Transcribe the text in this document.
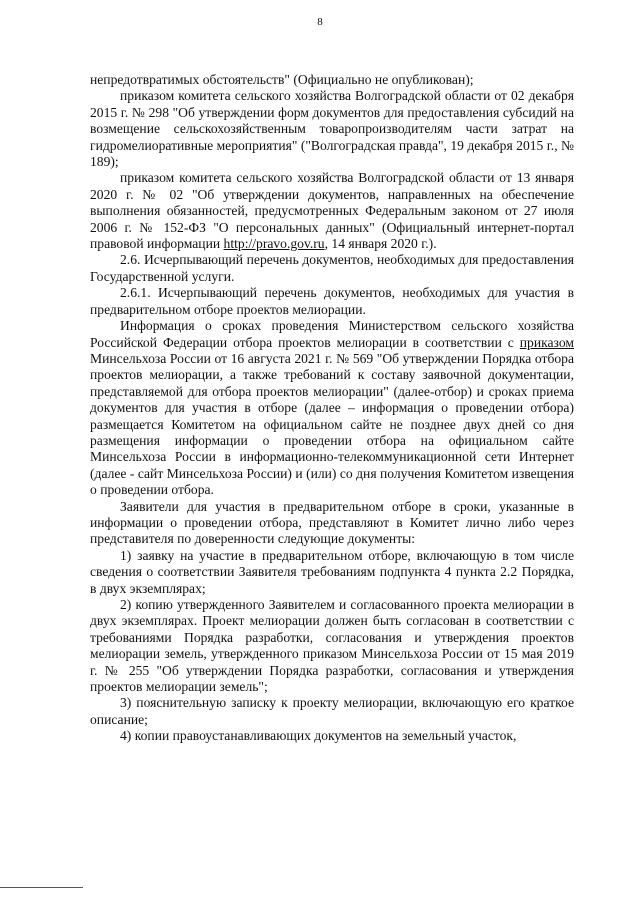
8

непредотвратимых обстоятельств" (Официально не опубликован);

приказом комитета сельского хозяйства Волгоградской области от 02 декабря 2015 г. № 298 "Об утверждении форм документов для предоставления субсидий на возмещение сельскохозяйственным товаропроизводителям части затрат на гидромелиоративные мероприятия" ("Волгоградская правда", 19 декабря 2015 г., № 189);

приказом комитета сельского хозяйства Волгоградской области от 13 января 2020 г. № 02 "Об утверждении документов, направленных на обеспечение выполнения обязанностей, предусмотренных Федеральным законом от 27 июля 2006 г. № 152-ФЗ "О персональных данных" (Официальный интернет-портал правовой информации http://pravo.gov.ru, 14 января 2020 г.).

2.6. Исчерпывающий перечень документов, необходимых для предоставления Государственной услуги.

2.6.1. Исчерпывающий перечень документов, необходимых для участия в предварительном отборе проектов мелиорации.

Информация о сроках проведения Министерством сельского хозяйства Российской Федерации отбора проектов мелиорации в соответствии с приказом Минсельхоза России от 16 августа 2021 г. № 569 "Об утверждении Порядка отбора проектов мелиорации, а также требований к составу заявочной документации, представляемой для отбора проектов мелиорации" (далее-отбор) и сроках приема документов для участия в отборе (далее – информация о проведении отбора) размещается Комитетом на официальном сайте не позднее двух дней со дня размещения информации о проведении отбора на официальном сайте Минсельхоза России в информационно-телекоммуникационной сети Интернет (далее - сайт Минсельхоза России) и (или) со дня получения Комитетом извещения о проведении отбора.

Заявители для участия в предварительном отборе в сроки, указанные в информации о проведении отбора, представляют в Комитет лично либо через представителя по доверенности следующие документы:

1) заявку на участие в предварительном отборе, включающую в том числе сведения о соответствии Заявителя требованиям подпункта 4 пункта 2.2 Порядка, в двух экземплярах;

2) копию утвержденного Заявителем и согласованного проекта мелиорации в двух экземплярах. Проект мелиорации должен быть согласован в соответствии с требованиями Порядка разработки, согласования и утверждения проектов мелиорации земель, утвержденного приказом Минсельхоза России от 15 мая 2019 г. № 255 "Об утверждении Порядка разработки, согласования и утверждения проектов мелиорации земель";

3) пояснительную записку к проекту мелиорации, включающую его краткое описание;

4) копии правоустанавливающих документов на земельный участок,
